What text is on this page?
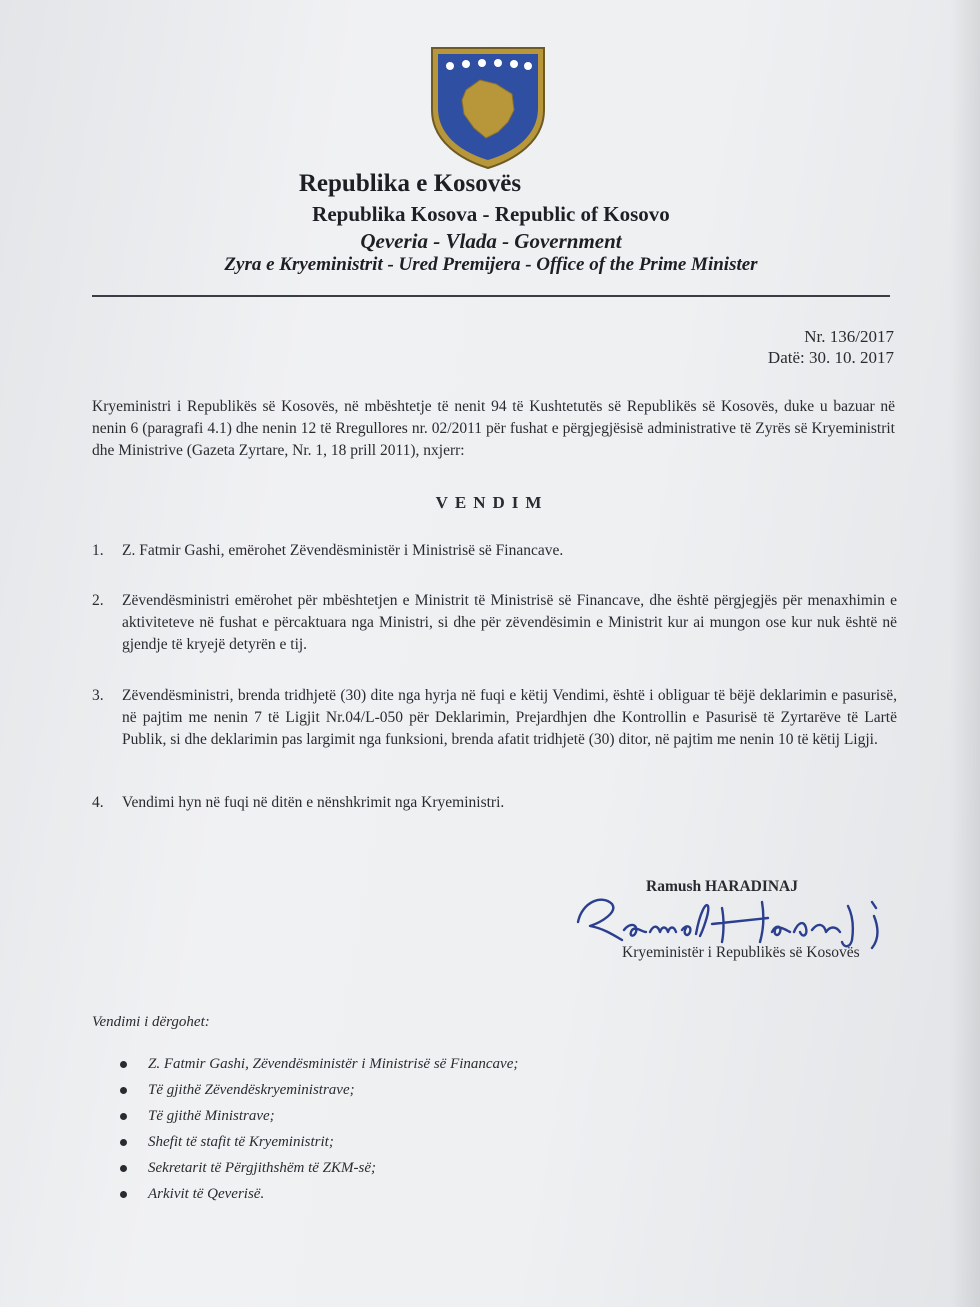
Republika e Kosovës
Republika Kosova - Republic of Kosovo
Qeveria - Vlada - Government
Zyra e Kryeministrit - Ured Premijera - Office of the Prime Minister
Nr. 136/2017
Datë: 30. 10. 2017
Kryeministri i Republikës së Kosovës, në mbështetje të nenit 94 të Kushtetutës së Republikës së Kosovës, duke u bazuar në nenin 6 (paragrafi 4.1) dhe nenin 12 të Rregullores nr. 02/2011 për fushat e përgjegjësisë administrative të Zyrës së Kryeministrit dhe Ministrive (Gazeta Zyrtare, Nr. 1, 18 prill 2011), nxjerr:
VENDIM
1.	Z. Fatmir Gashi, emërohet Zëvendësministër i Ministrisë së Financave.
2.	Zëvendësministri emërohet për mbështetjen e Ministrit të Ministrisë së Financave, dhe është përgjegjës për menaxhimin e aktiviteteve në fushat e përcaktuara nga Ministri, si dhe për zëvendësimin e Ministrit kur ai mungon ose kur nuk është në gjendje të kryejë detyrën e tij.
3.	Zëvendësministri, brenda tridhjetë (30) dite nga hyrja në fuqi e këtij Vendimi, është i obliguar të bëjë deklarimin e pasurisë, në pajtim me nenin 7 të Ligjit Nr.04/L-050 për Deklarimin, Prejardhjen dhe Kontrollin e Pasurisë të Zyrtarëve të Lartë Publik, si dhe deklarimin pas largimit nga funksioni, brenda afatit tridhjetë (30) ditor, në pajtim me nenin 10 të këtij Ligji.
4.	Vendimi hyn në fuqi në ditën e nënshkrimit nga Kryeministri.
Ramush HARADINAJ
Kryeministër i Republikës së Kosovës
Vendimi i dërgohet:
Z. Fatmir Gashi, Zëvendësministër i Ministrisë së Financave;
Të gjithë Zëvendëskryeministrave;
Të gjithë Ministrave;
Shefit të stafit të Kryeministrit;
Sekretarit të Përgjithshëm të ZKM-së;
Arkivit të Qeverisë.
